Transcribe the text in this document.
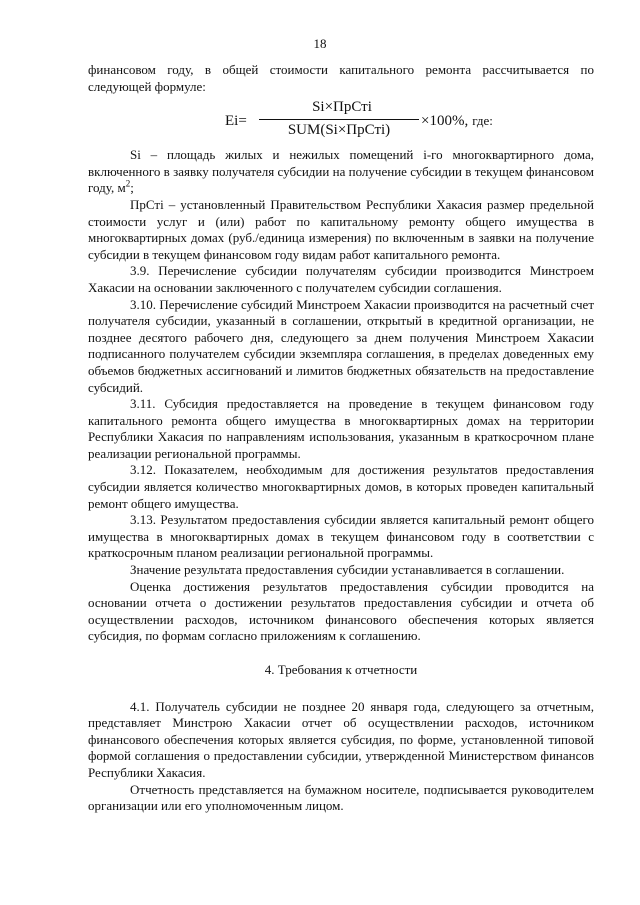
18

финансовом году, в общей стоимости капитального ремонта рассчитывается по следующей формуле:

Ei=
Si×ПрСтi
SUM(Si×ПрСтi)
×100%, где:

Si – площадь жилых и нежилых помещений i-го многоквартирного дома, включенного в заявку получателя субсидии на получение субсидии в текущем финансовом году, $м^2$;

ПрСтi – установленный Правительством Республики Хакасия размер предельной стоимости услуг и (или) работ по капитальному ремонту общего имущества в многоквартирных домах (руб./единица измерения) по включенным в заявки на получение субсидии в текущем финансовом году видам работ капитального ремонта.

3.9. Перечисление субсидии получателям субсидии производится Минстроем Хакасии на основании заключенного с получателем субсидии соглашения.

3.10. Перечисление субсидий Минстроем Хакасии производится на расчетный счет получателя субсидии, указанный в соглашении, открытый в кредитной организации, не позднее десятого рабочего дня, следующего за днем получения Минстроем Хакасии подписанного получателем субсидии экземпляра соглашения, в пределах доведенных ему объемов бюджетных ассигнований и лимитов бюджетных обязательств на предоставление субсидий.

3.11. Субсидия предоставляется на проведение в текущем финансовом году капитального ремонта общего имущества в многоквартирных домах на территории Республики Хакасия по направлениям использования, указанным в краткосрочном плане реализации региональной программы.

3.12. Показателем, необходимым для достижения результатов предоставления субсидии является количество многоквартирных домов, в которых проведен капитальный ремонт общего имущества.

3.13. Результатом предоставления субсидии является капитальный ремонт общего имущества в многоквартирных домах в текущем финансовом году в соответствии с краткосрочным планом реализации региональной программы.

Значение результата предоставления субсидии устанавливается в соглашении.

Оценка достижения результатов предоставления субсидии проводится на основании отчета о достижении результатов предоставления субсидии и отчета об осуществлении расходов, источником финансового обеспечения которых является субсидия, по формам согласно приложениям к соглашению.

4. Требования к отчетности

4.1. Получатель субсидии не позднее 20 января года, следующего за отчетным, представляет Минстрою Хакасии отчет об осуществлении расходов, источником финансового обеспечения которых является субсидия, по форме, установленной типовой формой соглашения о предоставлении субсидии, утвержденной Министерством финансов Республики Хакасия.

Отчетность представляется на бумажном носителе, подписывается руководителем организации или его уполномоченным лицом.
